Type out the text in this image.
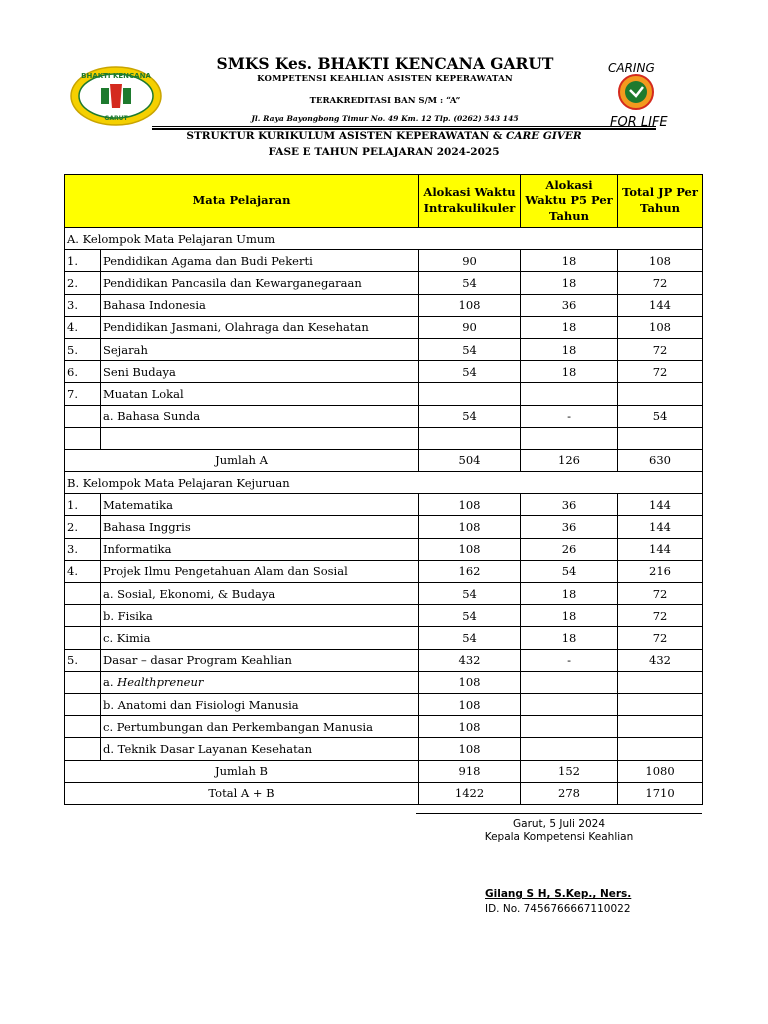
BHAKTI KENCANA
GARUT
CARING
FOR LIFE
SMKS Kes. BHAKTI KENCANA GARUT
KOMPETENSI KEAHLIAN ASISTEN KEPERAWATAN
TERAKREDITASI BAN S/M : “A”
Jl. Raya Bayongbong Timur No. 49 Km. 12 Tlp. (0262) 543 145
STRUKTUR KURIKULUM ASISTEN KEPERAWATAN & CARE GIVER
FASE E TAHUN PELAJARAN 2024-2025
Mata Pelajaran		Alokasi Waktu Intrakulikuler	Alokasi Waktu P5 Per Tahun	Total JP Per Tahun
A. Kelompok Mata Pelajaran Umum				
1.	Pendidikan Agama dan Budi Pekerti	90	18	108
2.	Pendidikan Pancasila dan Kewarganegaraan	54	18	72
3.	Bahasa Indonesia	108	36	144
4.	Pendidikan Jasmani, Olahraga dan Kesehatan	90	18	108
5.	Sejarah	54	18	72
6.	Seni Budaya	54	18	72
7.	Muatan Lokal			
	a. Bahasa Sunda	54	-	54

Jumlah A		504	126	630
B. Kelompok Mata Pelajaran Kejuruan				
1.	Matematika	108	36	144
2.	Bahasa Inggris	108	36	144
3.	Informatika	108	26	144
4.	Projek Ilmu Pengetahuan Alam dan Sosial	162	54	216
	a. Sosial, Ekonomi, & Budaya	54	18	72
	b. Fisika	54	18	72
	c. Kimia	54	18	72
5.	Dasar – dasar Program Keahlian	432	-	432
	a. Healthpreneur	108		
	b. Anatomi dan Fisiologi Manusia	108		
	c. Pertumbungan dan Perkembangan Manusia	108		
	d. Teknik Dasar Layanan Kesehatan	108		
Jumlah B		918	152	1080
Total A + B		1422	278	1710
Garut, 5 Juli 2024
Kepala Kompetensi Keahlian
Gilang S H, S.Kep., Ners.
ID. No. 7456766667110022
